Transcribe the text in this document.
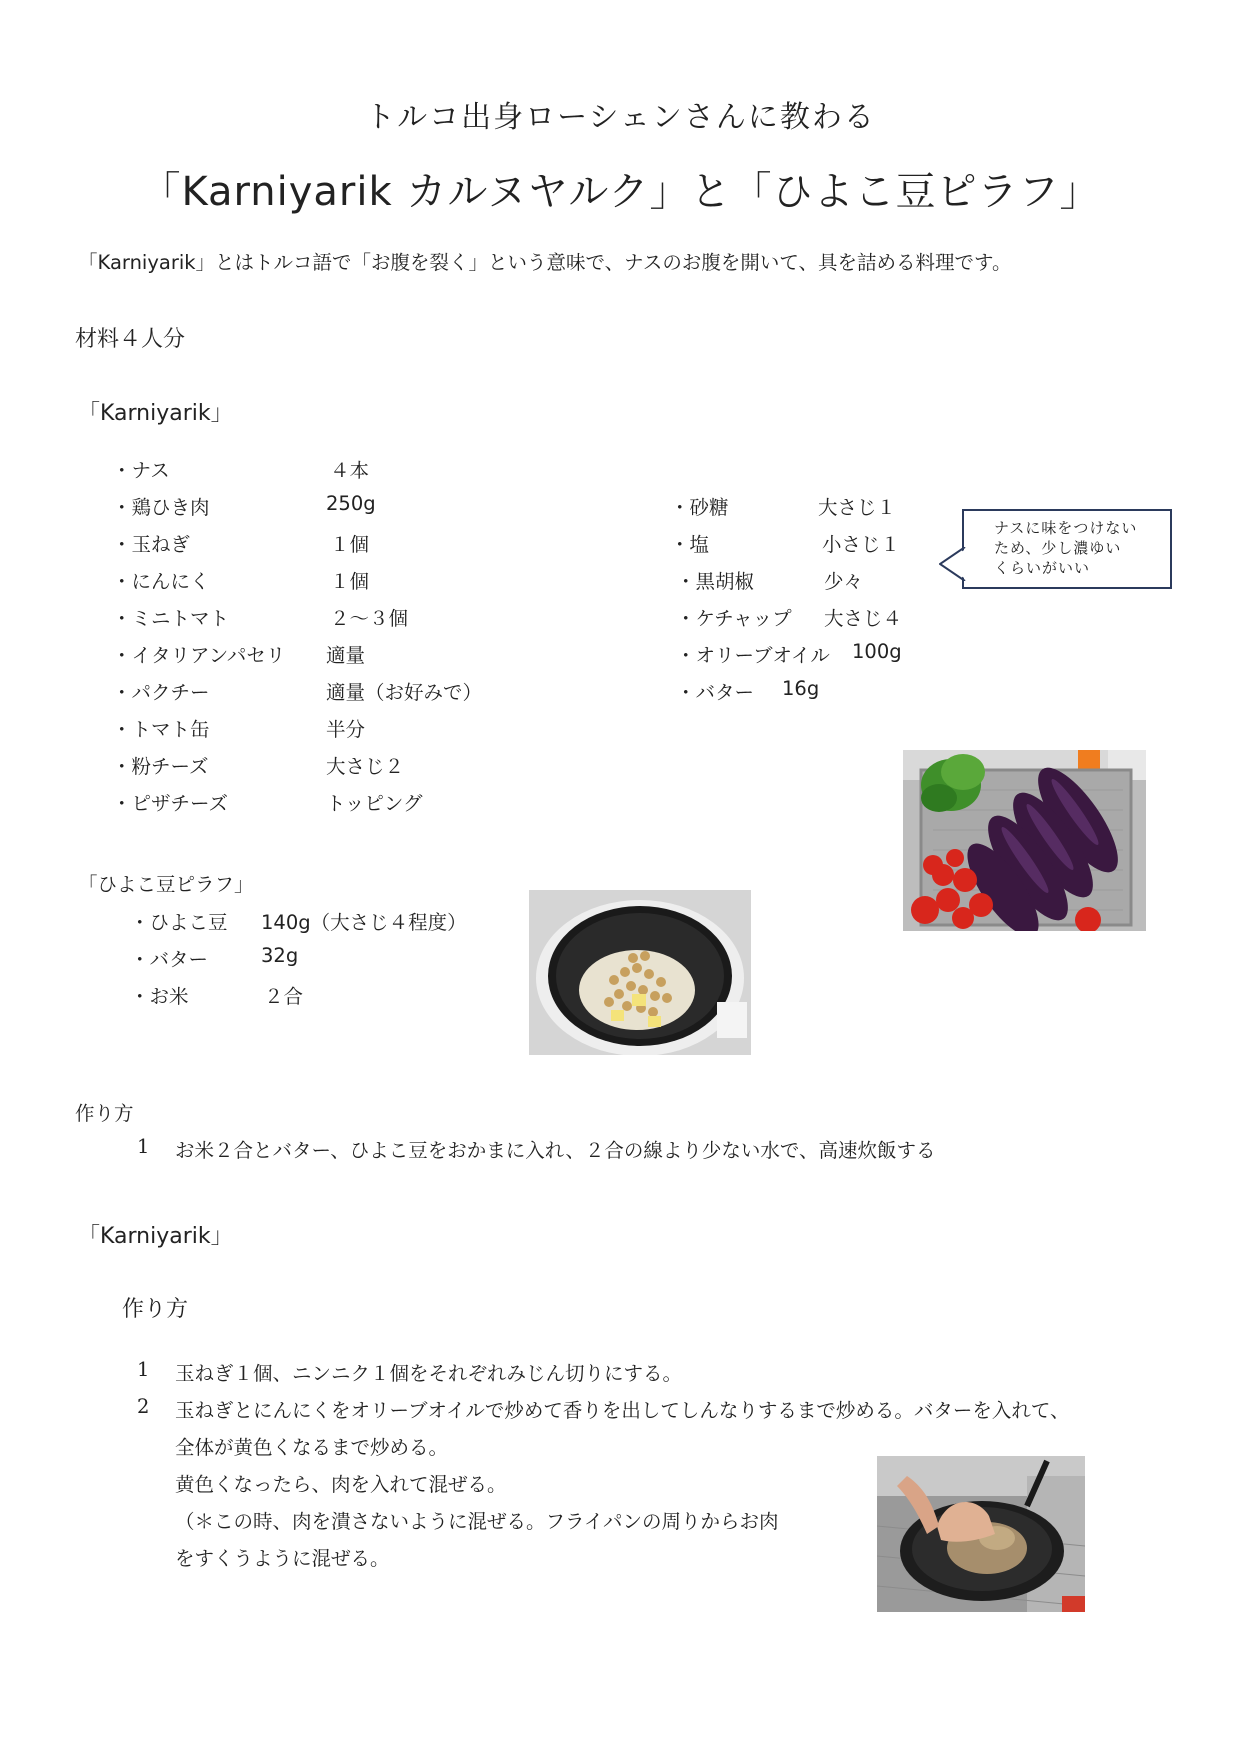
トルコ出身ローシェンさんに教わる
「Karniyarik カルヌヤルク」と「ひよこ豆ピラフ」
「Karniyarik」とはトルコ語で「お腹を裂く」という意味で、ナスのお腹を開いて、具を詰める料理です。
材料４人分
「Karniyarik」
・ナス	４本
・鶏ひき肉	250g
・玉ねぎ	１個
・にんにく	１個
・ミニトマト	２～３個
・イタリアンパセリ 適量
・パクチー	適量（お好みで）
・トマト缶	半分
・粉チーズ	大さじ２
・ピザチーズ	トッピング
・砂糖	大さじ１
・塩	小さじ１
・黒胡椒	少々
・ケチャップ 大さじ４
・オリーブオイル 100g
・バター 16g
ナスに味をつけない
ため、少し濃ゆい
くらいがいい
「ひよこ豆ピラフ」
・ひよこ豆 140g（大さじ４程度）
・バター	32g
・お米	２合
作り方
1 お米２合とバター、ひよこ豆をおかまに入れ、２合の線より少ない水で、高速炊飯する
「Karniyarik」
作り方
1 玉ねぎ１個、ニンニク１個をそれぞれみじん切りにする。
2 玉ねぎとにんにくをオリーブオイルで炒めて香りを出してしんなりするまで炒める。バターを入れて、
全体が黄色くなるまで炒める。
黄色くなったら、肉を入れて混ぜる。
（＊この時、肉を潰さないように混ぜる。フライパンの周りからお肉
をすくうように混ぜる。
